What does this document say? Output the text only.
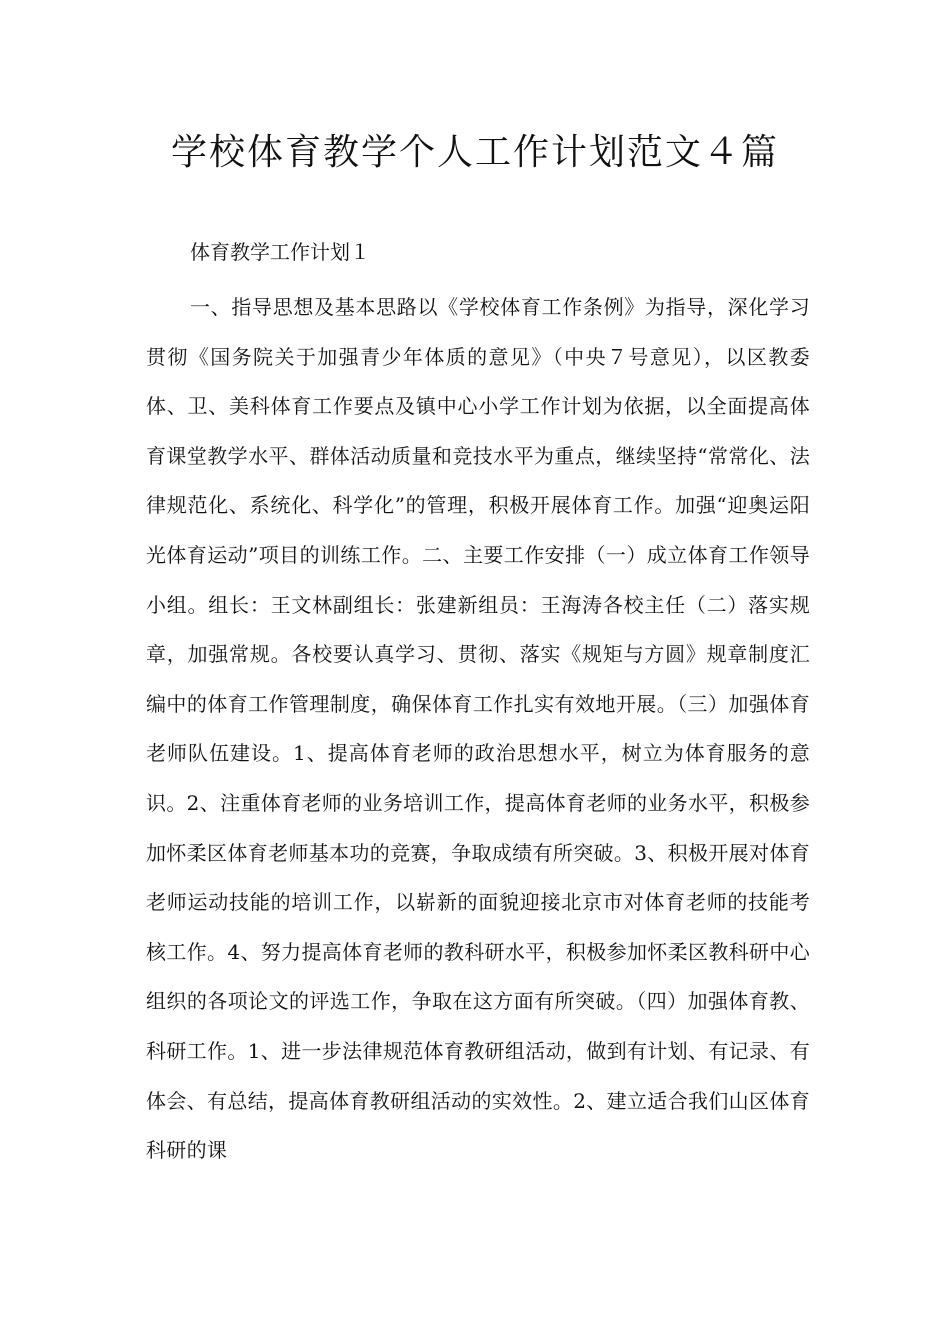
学校体育教学个人工作计划范文４篇

体育教学工作计划１

一、指导思想及基本思路以《学校体育工作条例》为指导，深化学习贯彻《国务院关于加强青少年体质的意见》（中央７号意见），以区教委体、卫、美科体育工作要点及镇中心小学工作计划为依据，以全面提高体育课堂教学水平、群体活动质量和竞技水平为重点，继续坚持“常常化、法律规范化、系统化、科学化”的管理，积极开展体育工作。加强“迎奥运阳光体育运动”项目的训练工作。二、主要工作安排（一）成立体育工作领导小组。组长：王文林副组长：张建新组员：王海涛各校主任（二）落实规章，加强常规。各校要认真学习、贯彻、落实《规矩与方圆》规章制度汇编中的体育工作管理制度，确保体育工作扎实有效地开展。（三）加强体育老师队伍建设。1、提高体育老师的政治思想水平，树立为体育服务的意识。2、注重体育老师的业务培训工作，提高体育老师的业务水平，积极参加怀柔区体育老师基本功的竞赛，争取成绩有所突破。3、积极开展对体育老师运动技能的培训工作，以崭新的面貌迎接北京市对体育老师的技能考核工作。4、努力提高体育老师的教科研水平，积极参加怀柔区教科研中心组织的各项论文的评选工作，争取在这方面有所突破。（四）加强体育教、科研工作。1、进一步法律规范体育教研组活动，做到有计划、有记录、有体会、有总结，提高体育教研组活动的实效性。2、建立适合我们山区体育科研的课
